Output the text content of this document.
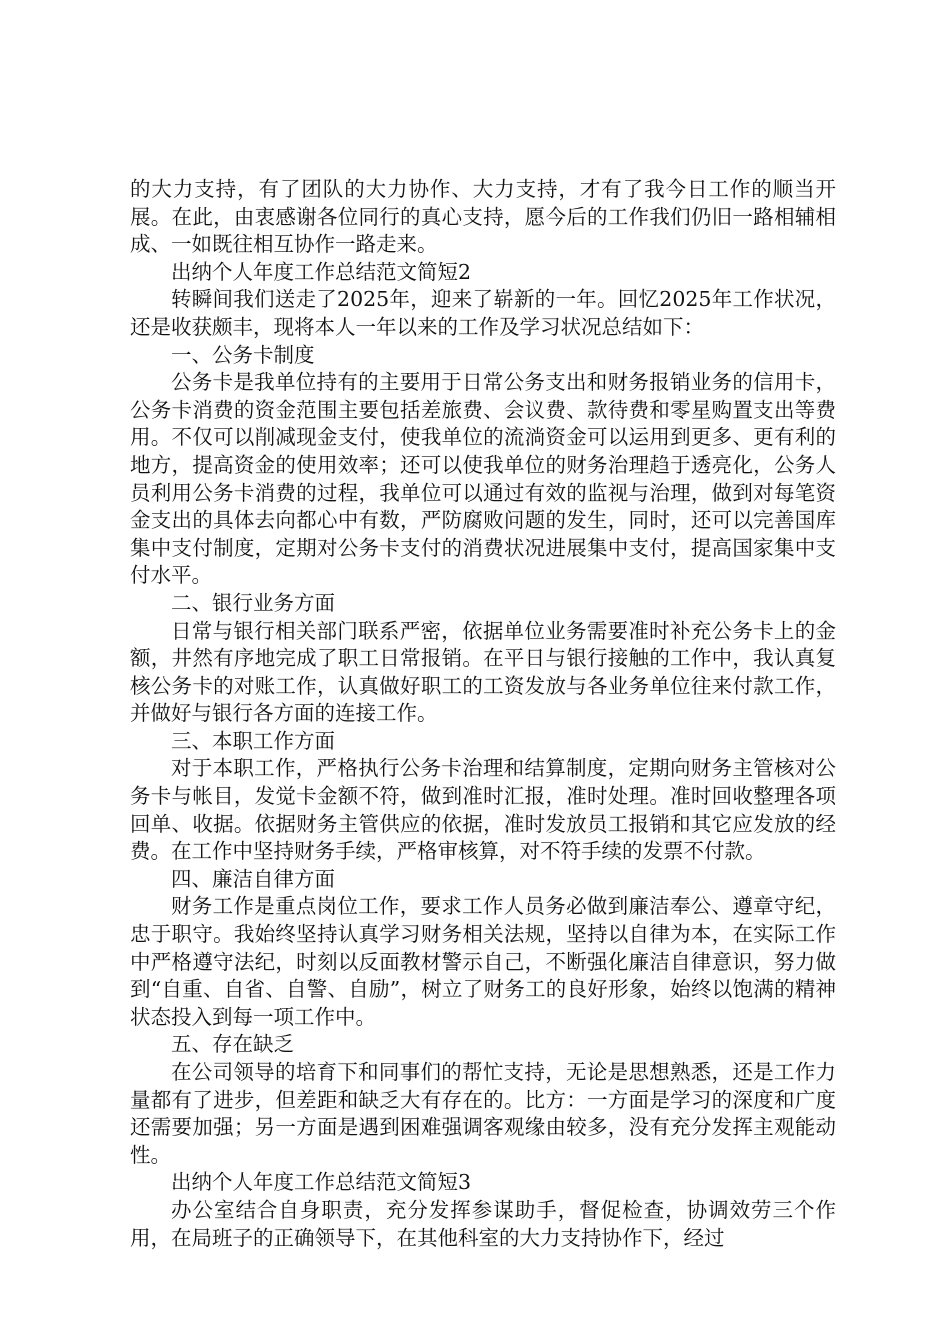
的大力支持，有了团队的大力协作、大力支持，才有了我今日工作的顺当开展。在此，由衷感谢各位同行的真心支持，愿今后的工作我们仍旧一路相辅相成、一如既往相互协作一路走来。

出纳个人年度工作总结范文简短2

转瞬间我们送走了2025年，迎来了崭新的一年。回忆2025年工作状况，还是收获颇丰，现将本人一年以来的工作及学习状况总结如下：

一、公务卡制度

公务卡是我单位持有的主要用于日常公务支出和财务报销业务的信用卡，公务卡消费的资金范围主要包括差旅费、会议费、款待费和零星购置支出等费用。不仅可以削减现金支付，使我单位的流淌资金可以运用到更多、更有利的地方，提高资金的使用效率；还可以使我单位的财务治理趋于透亮化，公务人员利用公务卡消费的过程，我单位可以通过有效的监视与治理，做到对每笔资金支出的具体去向都心中有数，严防腐败问题的发生，同时，还可以完善国库集中支付制度，定期对公务卡支付的消费状况进展集中支付，提高国家集中支付水平。

二、银行业务方面

日常与银行相关部门联系严密，依据单位业务需要准时补充公务卡上的金额，井然有序地完成了职工日常报销。在平日与银行接触的工作中，我认真复核公务卡的对账工作，认真做好职工的工资发放与各业务单位往来付款工作，并做好与银行各方面的连接工作。

三、本职工作方面

对于本职工作，严格执行公务卡治理和结算制度，定期向财务主管核对公务卡与帐目，发觉卡金额不符，做到准时汇报，准时处理。准时回收整理各项回单、收据。依据财务主管供应的依据，准时发放员工报销和其它应发放的经费。在工作中坚持财务手续，严格审核算，对不符手续的发票不付款。

四、廉洁自律方面

财务工作是重点岗位工作，要求工作人员务必做到廉洁奉公、遵章守纪，忠于职守。我始终坚持认真学习财务相关法规，坚持以自律为本，在实际工作中严格遵守法纪，时刻以反面教材警示自己，不断强化廉洁自律意识，努力做到“自重、自省、自警、自励”，树立了财务工的良好形象，始终以饱满的精神状态投入到每一项工作中。

五、存在缺乏

在公司领导的培育下和同事们的帮忙支持，无论是思想熟悉，还是工作力量都有了进步，但差距和缺乏大有存在的。比方：一方面是学习的深度和广度还需要加强；另一方面是遇到困难强调客观缘由较多，没有充分发挥主观能动性。

出纳个人年度工作总结范文简短3

办公室结合自身职责，充分发挥参谋助手，督促检查，协调效劳三个作用，在局班子的正确领导下，在其他科室的大力支持协作下，经过
